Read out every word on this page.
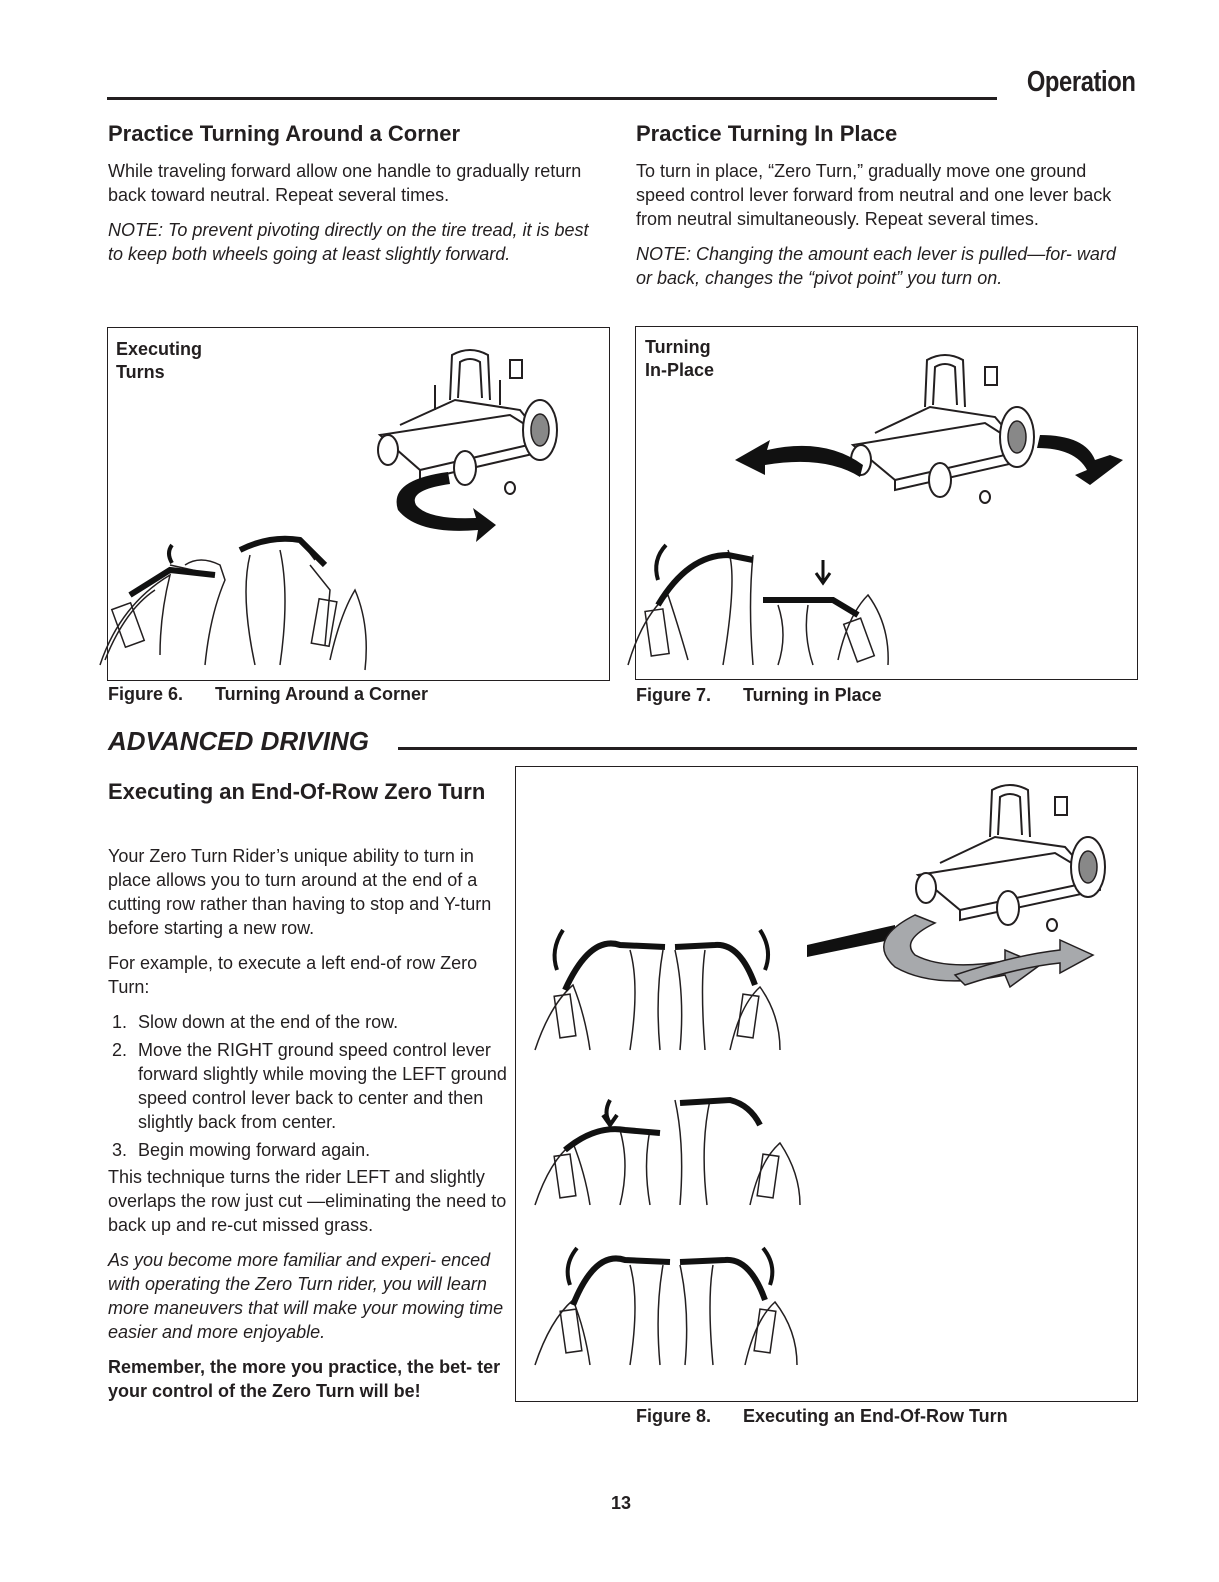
Operation
Practice Turning Around a Corner

While traveling forward allow one handle to gradually return back toward neutral. Repeat several times.

NOTE: To prevent pivoting directly on the tire tread, it is best to keep both wheels going at least slightly forward.

Practice Turning In Place

To turn in place, “Zero Turn,” gradually move one ground speed control lever forward from neutral and one lever back from neutral simultaneously. Repeat several times.

NOTE: Changing the amount each lever is pulled—for- ward or back, changes the “pivot point” you turn on.

Executing
Turns
Figure 6. Turning Around a Corner
Turning
In-Place
Figure 7. Turning in Place
ADVANCED DRIVING
Executing an End-Of-Row Zero Turn

Your Zero Turn Rider’s unique ability to turn in place allows you to turn around at the end of a cutting row rather than having to stop and Y-turn before starting a new row.

For example, to execute a left end-of row Zero Turn:

1. Slow down at the end of the row.
2. Move the RIGHT ground speed control lever forward slightly while moving the LEFT ground speed control lever back to center and then slightly back from center.
3. Begin mowing forward again.

This technique turns the rider LEFT and slightly overlaps the row just cut —eliminating the need to back up and re-cut missed grass.

As you become more familiar and experi- enced with operating the Zero Turn rider, you will learn more maneuvers that will make your mowing time easier and more enjoyable.

Remember, the more you practice, the bet- ter your control of the Zero Turn will be!

Figure 8. Executing an End-Of-Row Turn
13
